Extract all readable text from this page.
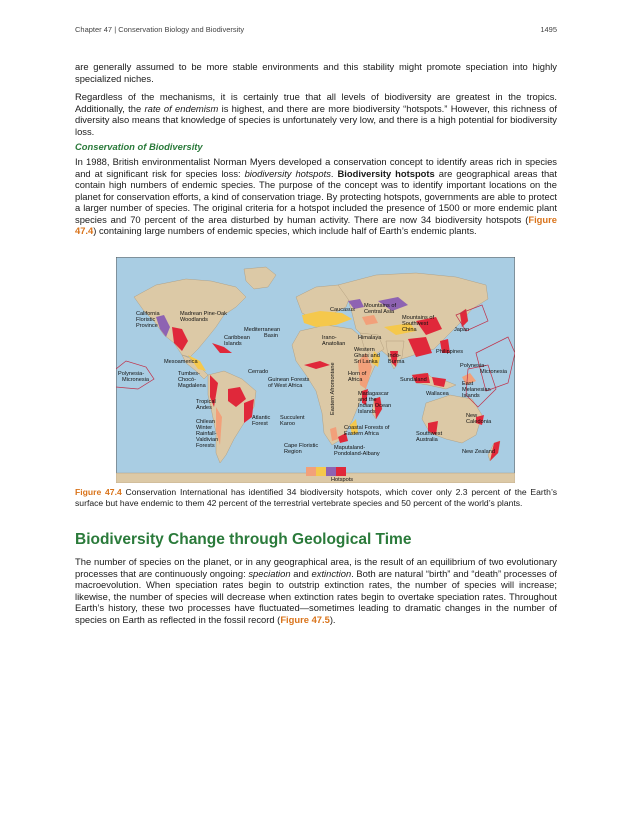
Chapter 47 | Conservation Biology and Biodiversity	1495

are generally assumed to be more stable environments and this stability might promote speciation into highly specialized niches.

Regardless of the mechanisms, it is certainly true that all levels of biodiversity are greatest in the tropics. Additionally, the rate of endemism is highest, and there are more biodiversity “hotspots.” However, this richness of diversity also means that knowledge of species is unfortunately very low, and there is a high potential for biodiversity loss.

Conservation of Biodiversity

In 1988, British environmentalist Norman Myers developed a conservation concept to identify areas rich in species and at significant risk for species loss: biodiversity hotspots. Biodiversity hotspots are geographical areas that contain high numbers of endemic species. The purpose of the concept was to identify important locations on the planet for conservation efforts, a kind of conservation triage. By protecting hotspots, governments are able to protect a larger number of species. The original criteria for a hotspot included the presence of 1500 or more endemic plant species and 70 percent of the area disturbed by human activity. There are now 34 biodiversity hotspots (Figure 47.4) containing large numbers of endemic species, which include half of Earth’s endemic plants.

California Floristic Province
Madrean Pine-Oak Woodlands
Caribbean Islands
Mesoamerica
Polynesia-Micronesia
Tumbes-Chocó-Magdalena
Tropical Andes
Chilean Winter Rainfall-Valdivian Forests
Cerrado
Atlantic Forest
Mediterranean Basin
Guinean Forests of West Africa
Succulent Karoo
Cape Floristic Region
Maputaland-Pondoland-Albany
Eastern Afromontane
Caucasus
Mountains of Central Asia
Irano-Anatolian
Himalaya
Mountains of Southwest China	Japan
Western Ghats and Sri Lanka
Indo-Burma
Horn of Africa
Madagascar and the Indian Ocean Islands
Coastal Forests of Eastern Africa
Philippines
Polynesia-Micronesia
Sundaland
Wallacea
East Melanesian Islands
New Caledonia
Southwest Australia
New Zealand
Hotspots

Figure 47.4 Conservation International has identified 34 biodiversity hotspots, which cover only 2.3 percent of the Earth’s surface but have endemic to them 42 percent of the terrestrial vertebrate species and 50 percent of the world’s plants.

Biodiversity Change through Geological Time

The number of species on the planet, or in any geographical area, is the result of an equilibrium of two evolutionary processes that are continuously ongoing: speciation and extinction. Both are natural “birth” and “death” processes of macroevolution. When speciation rates begin to outstrip extinction rates, the number of species will increase; likewise, the number of species will decrease when extinction rates begin to overtake speciation rates. Throughout Earth’s history, these two processes have fluctuated—sometimes leading to dramatic changes in the number of species on Earth as reflected in the fossil record (Figure 47.5).
